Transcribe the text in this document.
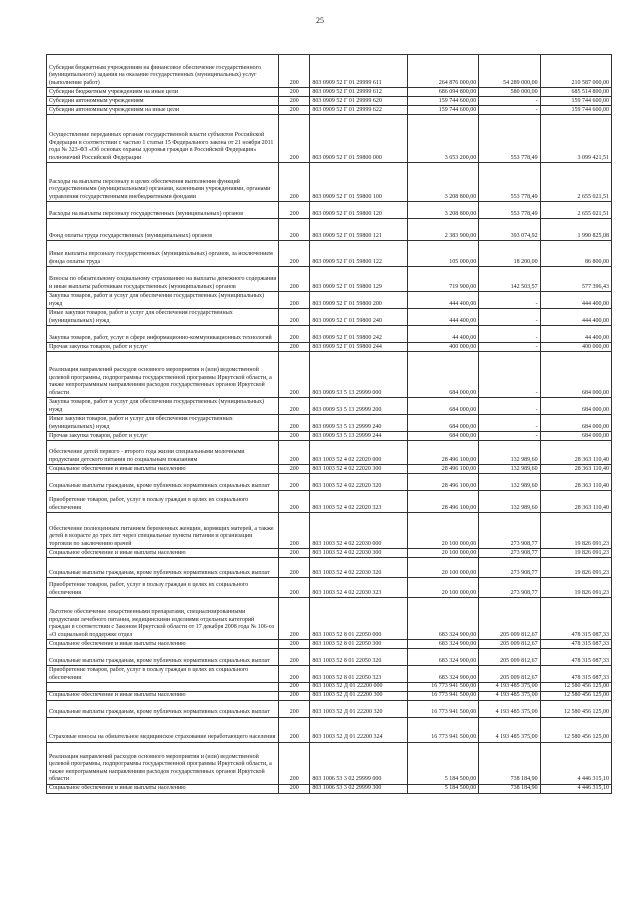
25
Субсидия бюджетным учреждениям на финансовое обеспечение государственного (муниципального) задания на оказание государственных (муниципальных) услуг (выполнение работ)	200	803 0909 52 Г 01 29999 611	264 876 000,00	54 289 000,00	210 587 000,00
Субсидии бюджетным учреждениям на иные цели	200	803 0909 52 Г 01 29999 612	686 094 800,00	580 000,00	685 514 800,00
Субсидии автономным учреждениям	200	803 0909 52 Г 01 29999 620	159 744 600,00	-	159 744 600,00
Субсидии автономным учреждениям на иные цели	200	803 0909 52 Г 01 29999 622	159 744 600,00	-	159 744 600,00
Осуществление переданных органам государственной власти субъектов Российской Федерации в соответствии с частью 1 статьи 15 Федерального закона от 21 ноября 2011 года № 323-ФЗ «Об основах охраны здоровья граждан в Российской Федерации» полномочий Российской Федерации	200	803 0909 52 Г 01 59800 000	3 653 200,00	553 778,49	3 099 421,51
Расходы на выплаты персоналу в целях обеспечения выполнения функций государственными (муниципальными) органами, казенными учреждениями, органами управления государственными внебюджетными фондами	200	803 0909 52 Г 01 59800 100	3 208 800,00	553 778,49	2 655 021,51
Расходы на выплаты персоналу государственных (муниципальных) органов	200	803 0909 52 Г 01 59800 120	3 208 800,00	553 778,49	2 655 021,51
Фонд оплаты труда государственных (муниципальных) органов	200	803 0909 52 Г 01 59800 121	2 383 900,00	393 074,92	1 990 825,08
Иные выплаты персоналу государственных (муниципальных) органов, за исключением фонда оплаты труда	200	803 0909 52 Г 01 59800 122	105 000,00	18 200,00	86 800,00
Взносы по обязательному социальному страхованию на выплаты денежного содержания и иные выплаты работникам государственных (муниципальных) органов	200	803 0909 52 Г 01 59800 129	719 900,00	142 503,57	577 396,43
Закупка товаров, работ и услуг для обеспечения государственных (муниципальных) нужд	200	803 0909 52 Г 01 59800 200	444 400,00	-	444 400,00
Иные закупки товаров, работ и услуг для обеспечения государственных (муниципальных) нужд	200	803 0909 52 Г 01 59800 240	444 400,00	-	444 400,00
Закупка товаров, работ, услуг в сфере информационно-коммуникационных технологий	200	803 0909 52 Г 01 59800 242	44 400,00	-	44 400,00
Прочая закупка товаров, работ и услуг	200	803 0909 52 Г 01 59800 244	400 000,00	-	400 000,00
Реализация направлений расходов основного мероприятия и (или) ведомственной целевой программы, подпрограммы государственной программы Иркутской области, а также непрограммным направлениям расходов государственных органов Иркутской области	200	803 0909 53 5 13 29999 000	684 000,00	-	684 000,00
Закупка товаров, работ и услуг для обеспечения государственных (муниципальных) нужд	200	803 0909 53 5 13 29999 200	684 000,00	-	684 000,00
Иные закупки товаров, работ и услуг для обеспечения государственных (муниципальных) нужд	200	803 0909 53 5 13 29999 240	684 000,00	-	684 000,00
Прочая закупка товаров, работ и услуг	200	803 0909 53 5 13 29999 244	684 000,00	-	684 000,00
Обеспечение детей первого - второго года жизни специальными молочными продуктами детского питания по социальным показаниям	200	803 1003 52 4 02 22020 000	28 496 100,00	132 989,60	28 363 110,40
Социальное обеспечение и иные выплаты населению	200	803 1003 52 4 02 22020 300	28 496 100,00	132 989,60	28 363 110,40
Социальные выплаты гражданам, кроме публичных нормативных социальных выплат	200	803 1003 52 4 02 22020 320	28 496 100,00	132 989,60	28 363 110,40
Приобретение товаров, работ, услуг в пользу граждан в целях их социального обеспечения	200	803 1003 52 4 02 22020 323	28 496 100,00	132 989,60	28 363 110,40
Обеспечение полноценным питанием беременных женщин, кормящих матерей, а также детей в возрасте до трех лет через специальные пункты питания и организации торговли по заключению врачей	200	803 1003 52 4 02 22030 000	20 100 000,00	273 908,77	19 826 091,23
Социальное обеспечение и иные выплаты населению	200	803 1003 52 4 02 22030 300	20 100 000,00	273 908,77	19 826 091,23
Социальные выплаты гражданам, кроме публичных нормативных социальных выплат	200	803 1003 52 4 02 22030 320	20 100 000,00	273 908,77	19 826 091,23
Приобретение товаров, работ, услуг в пользу граждан в целях их социального обеспечения	200	803 1003 52 4 02 22030 323	20 100 000,00	273 908,77	19 826 091,23
Льготное обеспечение лекарственными препаратами, специализированными продуктами лечебного питания, медицинскими изделиями отдельных категорий граждан в соответствии с Законом Иркутской области от 17 декабря 2008 года № 106-оз «О социальной поддержке отдел	200	803 1003 52 8 01 22050 000	683 324 900,00	205 009 812,67	478 315 087,33
Социальное обеспечение и иные выплаты населению	200	803 1003 52 8 01 22050 300	683 324 900,00	205 009 812,67	478 315 087,33
Социальные выплаты гражданам, кроме публичных нормативных социальных выплат	200	803 1003 52 8 01 22050 320	683 324 900,00	205 009 812,67	478 315 087,33
Приобретение товаров, работ, услуг в пользу граждан в целях их социального обеспечения	200	803 1003 52 8 01 22050 323	683 324 900,00	205 009 812,67	478 315 087,33
	200	803 1003 52 Д 01 22200 000	16 773 941 500,00	4 193 485 375,00	12 580 456 125,00
Социальное обеспечение и иные выплаты населению	200	803 1003 52 Д 01 22200 300	16 773 941 500,00	4 193 485 375,00	12 580 456 125,00
Социальные выплаты гражданам, кроме публичных нормативных социальных выплат	200	803 1003 52 Д 01 22200 320	16 773 941 500,00	4 193 485 375,00	12 580 456 125,00
Страховые взносы на обязательное медицинское страхование неработающего населения	200	803 1003 52 Д 01 22200 324	16 773 941 500,00	4 193 485 375,00	12 580 456 125,00
Реализация направлений расходов основного мероприятия и (или) ведомственной целевой программы, подпрограммы государственной программы Иркутской области, а также непрограммным направлениям расходов государственных органов Иркутской области	200	803 1006 53 3 02 29999 000	5 184 500,00	738 184,90	4 446 315,10
Социальное обеспечение и иные выплаты населению	200	803 1006 53 3 02 29999 300	5 184 500,00	738 184,90	4 446 315,10
